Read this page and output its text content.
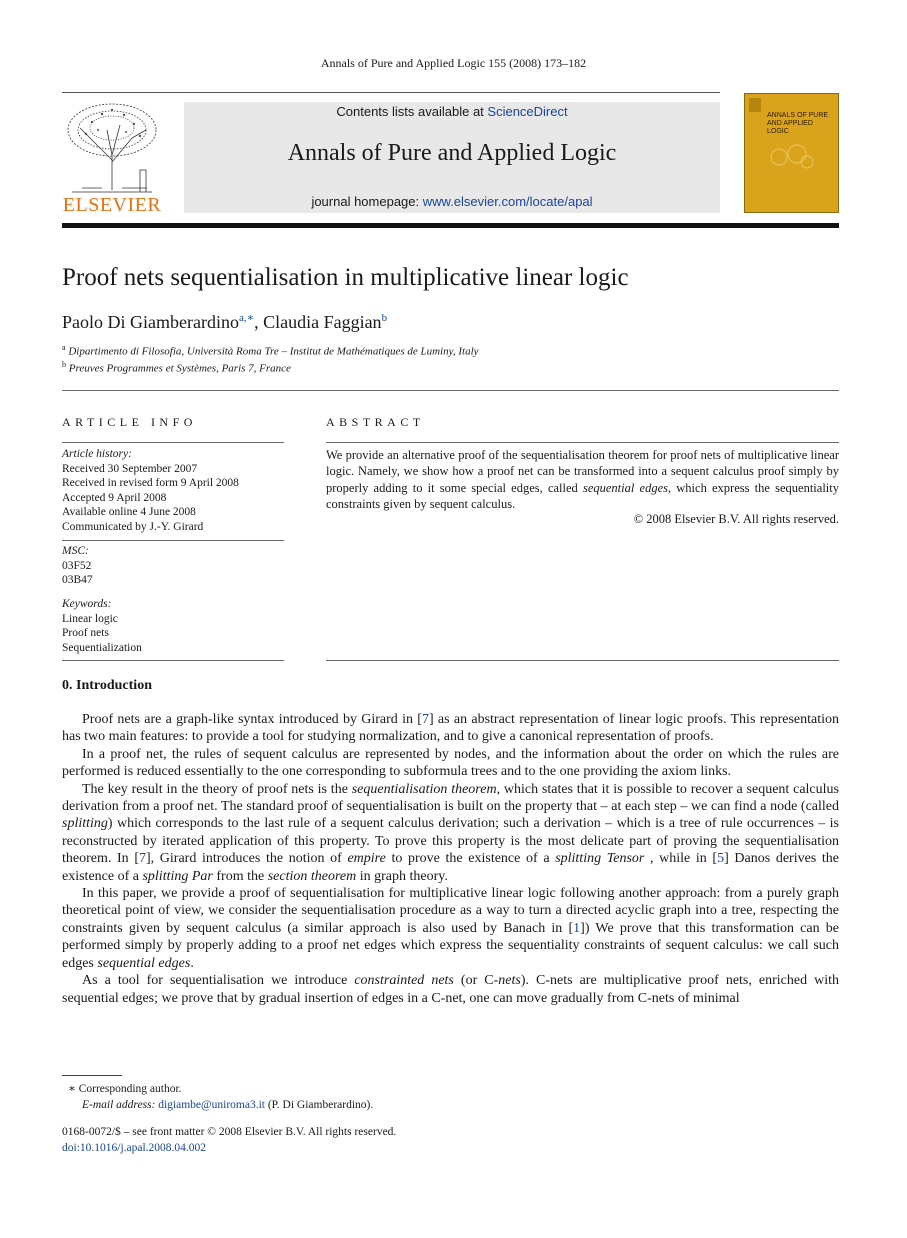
Annals of Pure and Applied Logic 155 (2008) 173–182
ELSEVIER
Contents lists available at ScienceDirect
Annals of Pure and Applied Logic
journal homepage: www.elsevier.com/locate/apal
ANNALS OF PURE AND APPLIED LOGIC
Proof nets sequentialisation in multiplicative linear logic
Paolo Di Giamberardino$^{a,∗}$, Claudia Faggian$^b$
$^a$ Dipartimento di Filosofia, Università Roma Tre – Institut de Mathématiques de Luminy, Italy
$^b$ Preuves Programmes et Systèmes, Paris 7, France
ARTICLE INFO	ABSTRACT
Article history:
Received 30 September 2007
Received in revised form 9 April 2008
Accepted 9 April 2008
Available online 4 June 2008
Communicated by J.-Y. Girard
MSC:
03F52
03B47
Keywords:
Linear logic
Proof nets
Sequentialization
We provide an alternative proof of the sequentialisation theorem for proof nets of multiplicative linear logic. Namely, we show how a proof net can be transformed into a sequent calculus proof simply by properly adding to it some special edges, called sequential edges, which express the sequentiality constraints given by sequent calculus.
© 2008 Elsevier B.V. All rights reserved.
0. Introduction

Proof nets are a graph-like syntax introduced by Girard in [7] as an abstract representation of linear logic proofs. This representation has two main features: to provide a tool for studying normalization, and to give a canonical representation of proofs.

In a proof net, the rules of sequent calculus are represented by nodes, and the information about the order on which the rules are performed is reduced essentially to the one corresponding to subformula trees and to the one providing the axiom links.

The key result in the theory of proof nets is the sequentialisation theorem, which states that it is possible to recover a sequent calculus derivation from a proof net. The standard proof of sequentialisation is built on the property that – at each step – we can find a node (called splitting) which corresponds to the last rule of a sequent calculus derivation; such a derivation – which is a tree of rule occurrences – is reconstructed by iterated application of this property. To prove this property is the most delicate part of proving the sequentialisation theorem. In [7], Girard introduces the notion of empire to prove the existence of a splitting Tensor , while in [5] Danos derives the existence of a splitting Par from the section theorem in graph theory.

In this paper, we provide a proof of sequentialisation for multiplicative linear logic following another approach: from a purely graph theoretical point of view, we consider the sequentialisation procedure as a way to turn a directed acyclic graph into a tree, respecting the constraints given by sequent calculus (a similar approach is also used by Banach in [1]) We prove that this transformation can be performed simply by properly adding to a proof net edges which express the sequentiality constraints of sequent calculus: we call such edges sequential edges.

As a tool for sequentialisation we introduce constrainted nets (or C-nets). C-nets are multiplicative proof nets, enriched with sequential edges; we prove that by gradual insertion of edges in a C-net, one can move gradually from C-nets of minimal

∗ Corresponding author.
E-mail address: digiambe@uniroma3.it (P. Di Giamberardino).
0168-0072/$ – see front matter © 2008 Elsevier B.V. All rights reserved.
doi:10.1016/j.apal.2008.04.002
